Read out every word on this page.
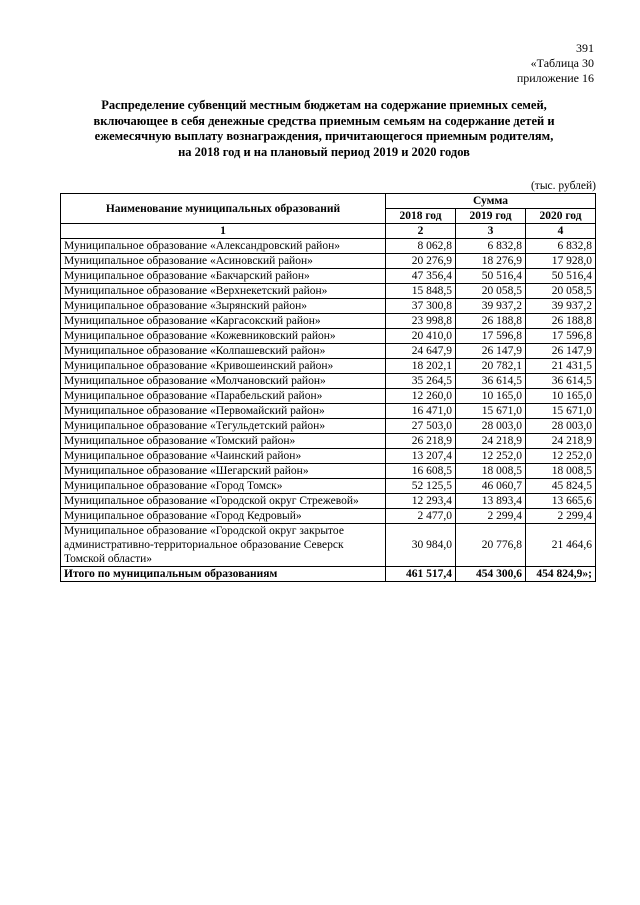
391
«Таблица 30
приложение 16
Распределение субвенций местным бюджетам на содержание приемных семей,
включающее в себя денежные средства приемным семьям на содержание детей и
ежемесячную выплату вознаграждения, причитающегося приемным родителям,
на 2018 год и на плановый период 2019 и 2020 годов
(тыс. рублей)
Наименование муниципальных образований	Сумма		
	2018 год	2019 год	2020 год
1	2	3	4
Муниципальное образование «Александровский район»	8 062,8	6 832,8	6 832,8
Муниципальное образование «Асиновский район»	20 276,9	18 276,9	17 928,0
Муниципальное образование «Бакчарский район»	47 356,4	50 516,4	50 516,4
Муниципальное образование «Верхнекетский район»	15 848,5	20 058,5	20 058,5
Муниципальное образование «Зырянский район»	37 300,8	39 937,2	39 937,2
Муниципальное образование «Каргасокский район»	23 998,8	26 188,8	26 188,8
Муниципальное образование «Кожевниковский район»	20 410,0	17 596,8	17 596,8
Муниципальное образование «Колпашевский район»	24 647,9	26 147,9	26 147,9
Муниципальное образование «Кривошеинский район»	18 202,1	20 782,1	21 431,5
Муниципальное образование «Молчановский район»	35 264,5	36 614,5	36 614,5
Муниципальное образование «Парабельский район»	12 260,0	10 165,0	10 165,0
Муниципальное образование «Первомайский район»	16 471,0	15 671,0	15 671,0
Муниципальное образование «Тегульдетский район»	27 503,0	28 003,0	28 003,0
Муниципальное образование «Томский район»	26 218,9	24 218,9	24 218,9
Муниципальное образование «Чаинский район»	13 207,4	12 252,0	12 252,0
Муниципальное образование «Шегарский район»	16 608,5	18 008,5	18 008,5
Муниципальное образование «Город Томск»	52 125,5	46 060,7	45 824,5
Муниципальное образование «Городской округ Стрежевой»	12 293,4	13 893,4	13 665,6
Муниципальное образование «Город Кедровый»	2 477,0	2 299,4	2 299,4
Муниципальное образование «Городской округ закрытое административно-территориальное образование Северск Томской области»	30 984,0	20 776,8	21 464,6
Итого по муниципальным образованиям	461 517,4	454 300,6	454 824,9»;
